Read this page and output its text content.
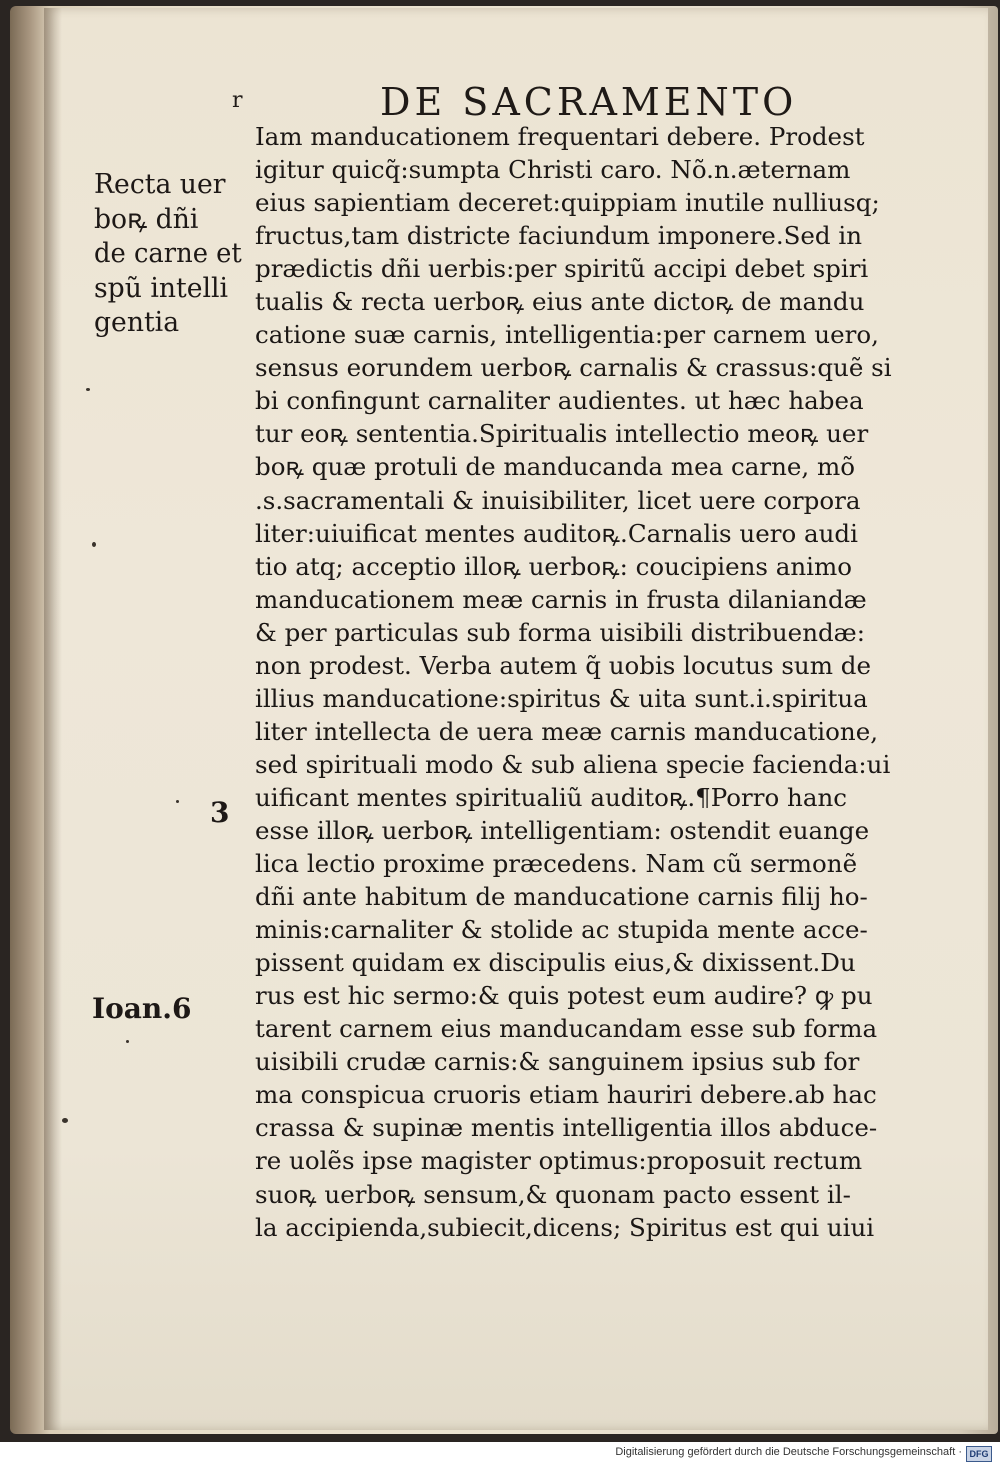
r	DE SACRAMENTO
Recta uer
boꝶ dñi
de carne et
spũ intelli
gentia
3
Ioan.6
Iam manducationem frequentari debere. Prodest
igitur quicq̃:sumpta Christi caro. Nõ.n.æternam
eius sapientiam deceret:quippiam inutile nulliusq;
fructus,tam districte faciundum imponere.Sed in
prædictis dñi uerbis:per spiritũ accipi debet spiri
tualis & recta uerboꝶ eius ante dictoꝶ de mandu
catione suæ carnis, intelligentia:per carnem uero,
sensus eorundem uerboꝶ carnalis & crassus:quẽ si
bi confingunt carnaliter audientes. ut hæc habea
tur eoꝶ sententia.Spiritualis intellectio meoꝶ uer
boꝶ quæ protuli de manducanda mea carne, mõ
.s.sacramentali & inuisibiliter, licet uere corpora
liter:uiuificat mentes auditoꝶ.Carnalis uero audi
tio atq; acceptio illoꝶ uerboꝶ: coucipiens animo
manducationem meæ carnis in frusta dilaniandæ
& per particulas sub forma uisibili distribuendæ:
non prodest. Verba autem q̃ uobis locutus sum de
illius manducatione:spiritus & uita sunt.i.spiritua
liter intellecta de uera meæ carnis manducatione,
sed spirituali modo & sub aliena specie facienda:ui
uificant mentes spiritualiũ auditoꝶ.¶Porro hanc
esse illoꝶ uerboꝶ intelligentiam: ostendit euange
lica lectio proxime præcedens. Nam cũ sermonẽ
dñi ante habitum de manducatione carnis filij ho-
minis:carnaliter & stolide ac stupida mente acce-
pissent quidam ex discipulis eius,& dixissent.Du
rus est hic sermo:& quis potest eum audire? ꝙ pu
tarent carnem eius manducandam esse sub forma
uisibili crudæ carnis:& sanguinem ipsius sub for
ma conspicua cruoris etiam hauriri debere.ab hac
crassa & supinæ mentis intelligentia illos abduce-
re uolẽs ipse magister optimus:proposuit rectum
suoꝶ uerboꝶ sensum,& quonam pacto essent il-
la accipienda,subiecit,dicens; Spiritus est qui uiui
Digitalisierung gefördert durch die Deutsche Forschungsgemeinschaft · DFG
